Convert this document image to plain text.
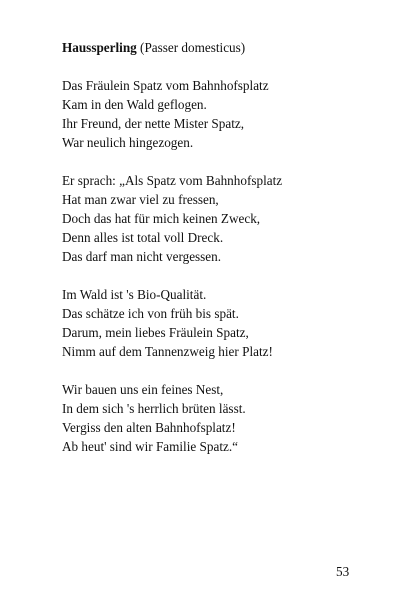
Haussperling (Passer domesticus)
Das Fräulein Spatz vom Bahnhofsplatz
Kam in den Wald geflogen.
Ihr Freund, der nette Mister Spatz,
War neulich hingezogen.
Er sprach: „Als Spatz vom Bahnhofsplatz
Hat man zwar viel zu fressen,
Doch das hat für mich keinen Zweck,
Denn alles ist total voll Dreck.
Das darf man nicht vergessen.
Im Wald ist 's Bio-Qualität.
Das schätze ich von früh bis spät.
Darum, mein liebes Fräulein Spatz,
Nimm auf dem Tannenzweig hier Platz!
Wir bauen uns ein feines Nest,
In dem sich 's herrlich brüten lässt.
Vergiss den alten Bahnhofsplatz!
Ab heut' sind wir Familie Spatz.“
53
